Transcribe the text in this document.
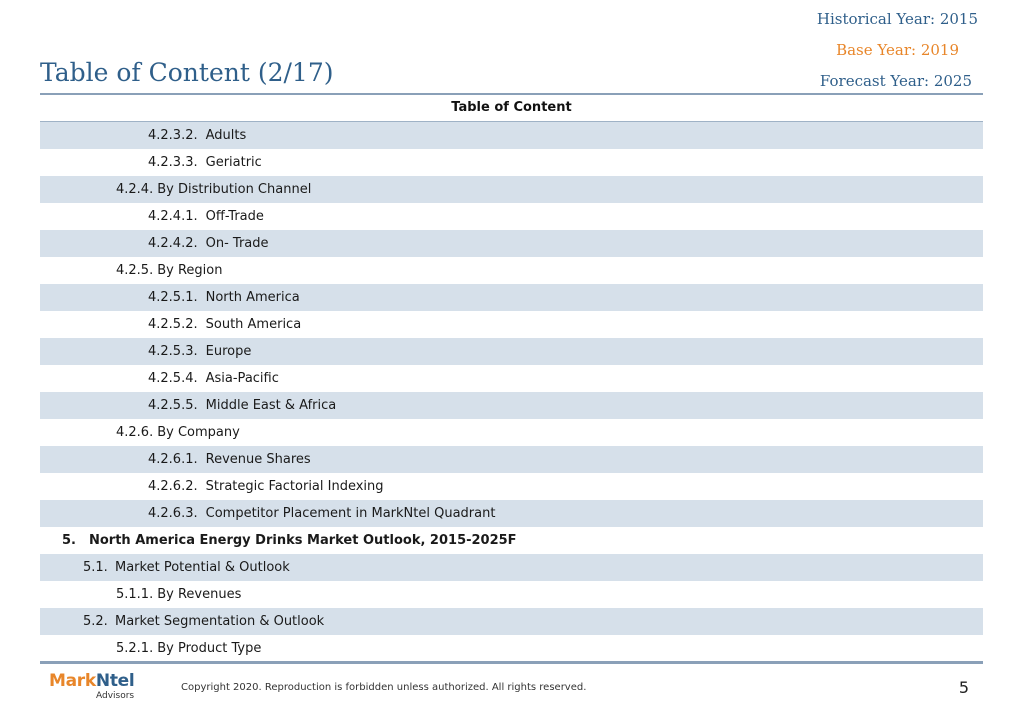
Historical Year: 2015
Base Year: 2019
Forecast Year: 2025
Table of Content (2/17)
Table of Content
4.2.3.2. Adults
4.2.3.3. Geriatric
4.2.4. By Distribution Channel
4.2.4.1. Off-Trade
4.2.4.2. On- Trade
4.2.5. By Region
4.2.5.1. North America
4.2.5.2. South America
4.2.5.3. Europe
4.2.5.4. Asia-Pacific
4.2.5.5. Middle East & Africa
4.2.6. By Company
4.2.6.1. Revenue Shares
4.2.6.2. Strategic Factorial Indexing
4.2.6.3. Competitor Placement in MarkNtel Quadrant
5. North America Energy Drinks Market Outlook, 2015-2025F
5.1. Market Potential & Outlook
5.1.1. By Revenues
5.2. Market Segmentation & Outlook
5.2.1. By Product Type
MarkNtel
Advisors
Copyright 2020. Reproduction is forbidden unless authorized. All rights reserved.	5
